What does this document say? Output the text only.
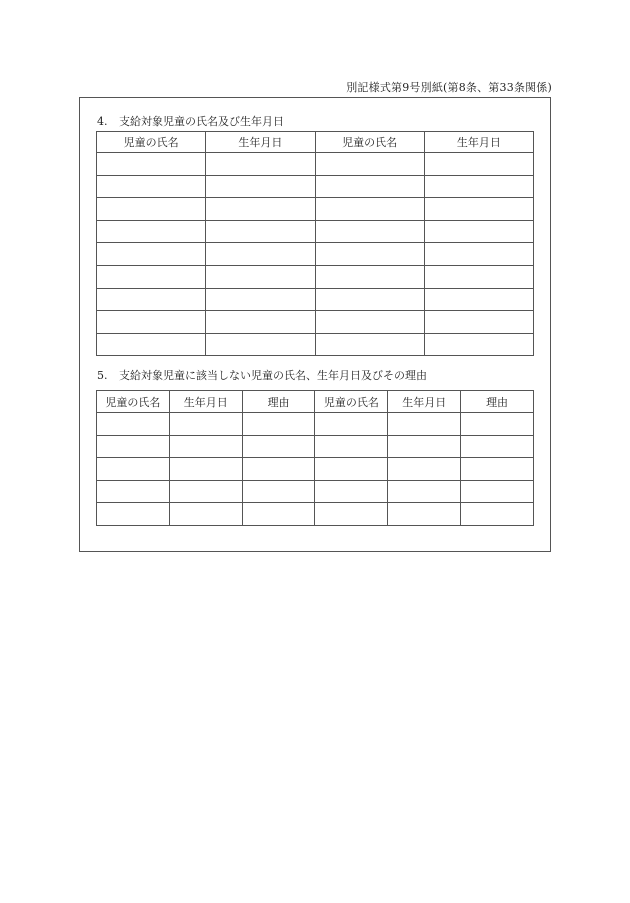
別記様式第9号別紙(第8条、第33条関係)
4. 支給対象児童の氏名及び生年月日
児童の氏名	生年月日	児童の氏名	生年月日

5. 支給対象児童に該当しない児童の氏名、生年月日及びその理由
児童の氏名	生年月日	理由	児童の氏名	生年月日	理由
